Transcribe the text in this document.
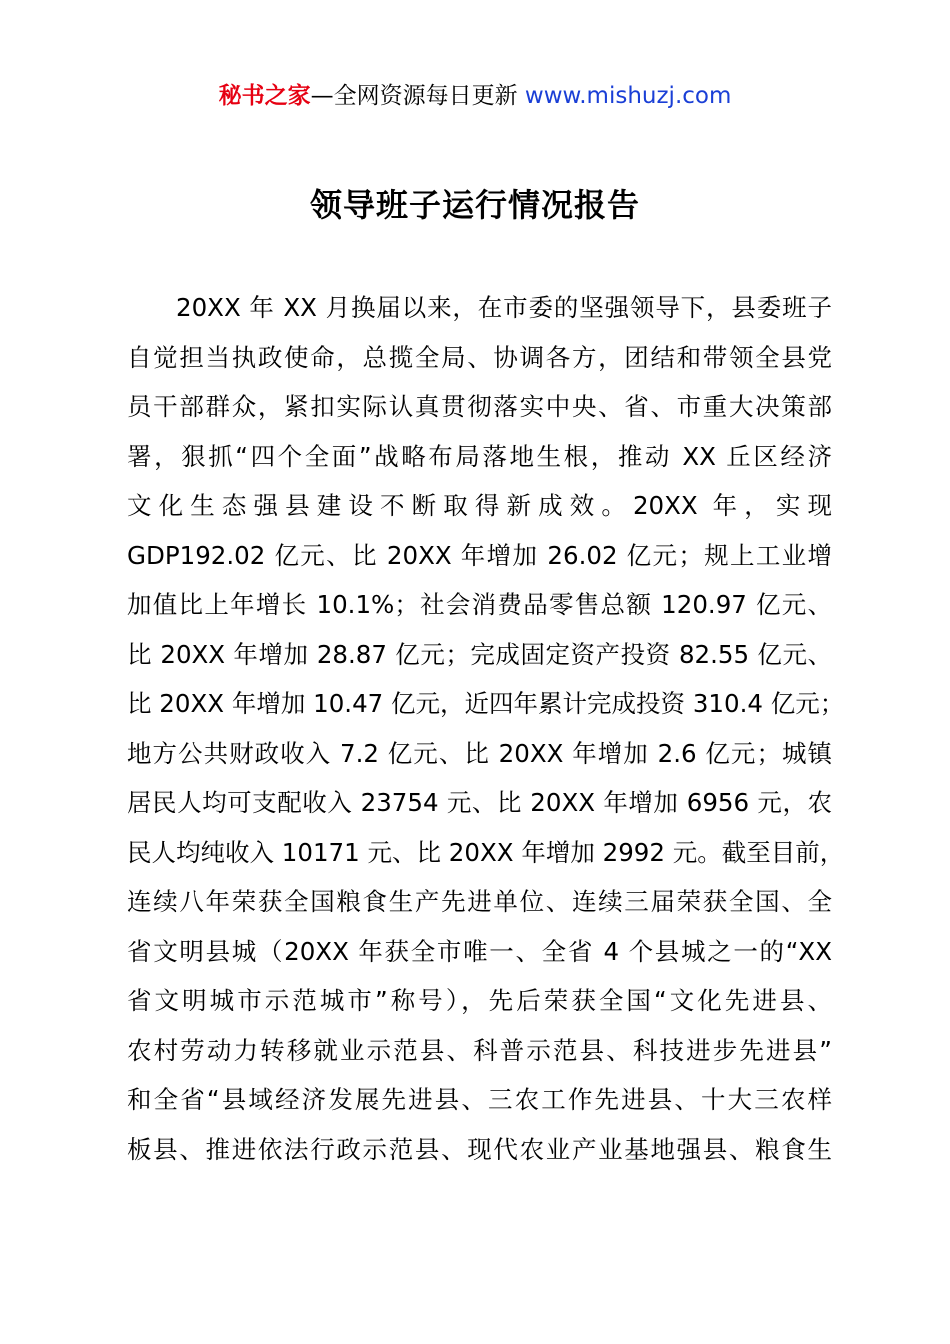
秘书之家—全网资源每日更新 www.mishuzj.com
领导班子运行情况报告
20XX 年 XX 月换届以来，在市委的坚强领导下，县委班子
自觉担当执政使命，总揽全局、协调各方，团结和带领全县党
员干部群众，紧扣实际认真贯彻落实中央、省、市重大决策部
署，狠抓“四个全面”战略布局落地生根，推动 XX 丘区经济
文化生态强县建设不断取得新成效。20XX 年，实现
GDP192.02 亿元、比 20XX 年增加 26.02 亿元；规上工业增
加值比上年增长 10.1%；社会消费品零售总额 120.97 亿元、
比 20XX 年增加 28.87 亿元；完成固定资产投资 82.55 亿元、
比 20XX 年增加 10.47 亿元，近四年累计完成投资 310.4 亿元；
地方公共财政收入 7.2 亿元、比 20XX 年增加 2.6 亿元；城镇
居民人均可支配收入 23754 元、比 20XX 年增加 6956 元，农
民人均纯收入 10171 元、比 20XX 年增加 2992 元。截至目前，
连续八年荣获全国粮食生产先进单位、连续三届荣获全国、全
省文明县城（20XX 年获全市唯一、全省 4 个县城之一的“XX
省文明城市示范城市”称号），先后荣获全国“文化先进县、
农村劳动力转移就业示范县、科普示范县、科技进步先进县”
和全省“县域经济发展先进县、三农工作先进县、十大三农样
板县、推进依法行政示范县、现代农业产业基地强县、粮食生
